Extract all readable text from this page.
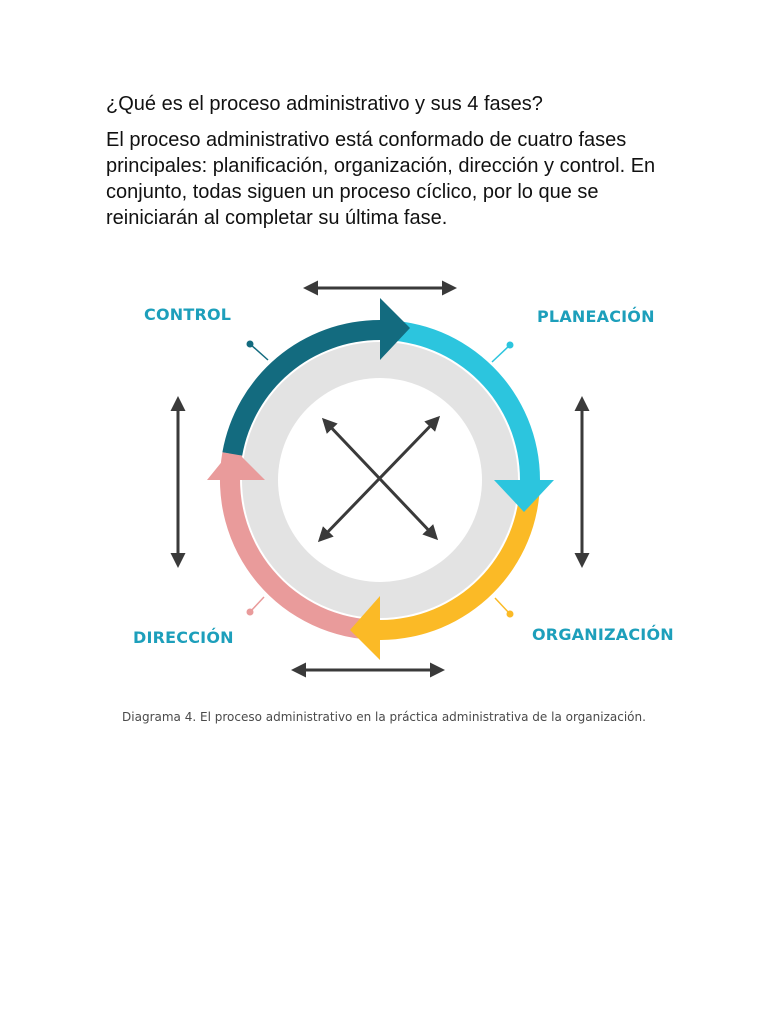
¿Qué es el proceso administrativo y sus 4 fases?
El proceso administrativo está conformado de cuatro fases
principales: planificación, organización, dirección y control. En
conjunto, todas siguen un proceso cíclico, por lo que se
reiniciarán al completar su última fase.
CONTROL	PLANEACIÓN
ORGANIZACIÓN
DIRECCIÓN
Diagrama 4. El proceso administrativo en la práctica administrativa de la organización.
